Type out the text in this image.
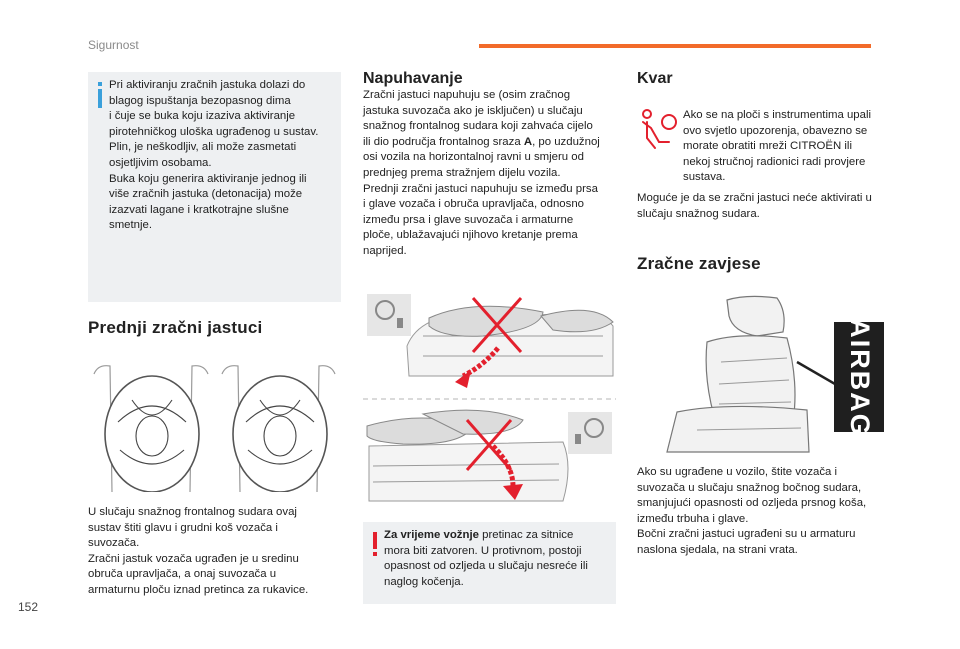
Sigurnost
Pri aktiviranju zračnih jastuka dolazi do
blagog ispuštanja bezopasnog dima
i čuje se buka koju izaziva aktiviranje
pirotehničkog uloška ugrađenog u sustav.
Plin, je neškodljiv, ali može zasmetati
osjetljivim osobama.
Buka koju generira aktiviranje jednog ili
više zračnih jastuka (detonacija) može
izazvati lagane i kratkotrajne slušne
smetnje.
Prednji zračni jastuci
U slučaju snažnog frontalnog sudara ovaj
sustav štiti glavu i grudni koš vozača i
suvozača.
Zračni jastuk vozača ugrađen je u sredinu
obruča upravljača, a onaj suvozača u
armaturnu ploču iznad pretinca za rukavice.
Napuhavanje
Zračni jastuci napuhuju se (osim zračnog
jastuka suvozača ako je isključen) u slučaju
snažnog frontalnog sudara koji zahvaća cijelo
ili dio područja frontalnog sraza A, po uzdužnoj
osi vozila na horizontalnoj ravni u smjeru od
prednjeg prema stražnjem dijelu vozila.
Prednji zračni jastuci napuhuju se između prsa
i glave vozača i obruča upravljača, odnosno
između prsa i glave suvozača i armaturne
ploče, ublažavajući njihovo kretanje prema
naprijed.
Za vrijeme vožnje pretinac za sitnice
mora biti zatvoren. U protivnom, postoji
opasnost od ozljeda u slučaju nesreće ili
naglog kočenja.
Kvar
Ako se na ploči s instrumentima upali
ovo svjetlo upozorenja, obavezno se
morate obratiti mreži CITROËN ili
nekoj stručnoj radionici radi provjere
sustava.
Moguće je da se zračni jastuci neće aktivirati u
slučaju snažnog sudara.
Zračne zavjese
AIRBAG
Ako su ugrađene u vozilo, štite vozača i
suvozača u slučaju snažnog bočnog sudara,
smanjujući opasnosti od ozljeda prsnog koša,
između trbuha i glave.
Bočni zračni jastuci ugrađeni su u armaturu
naslona sjedala, na strani vrata.
152
